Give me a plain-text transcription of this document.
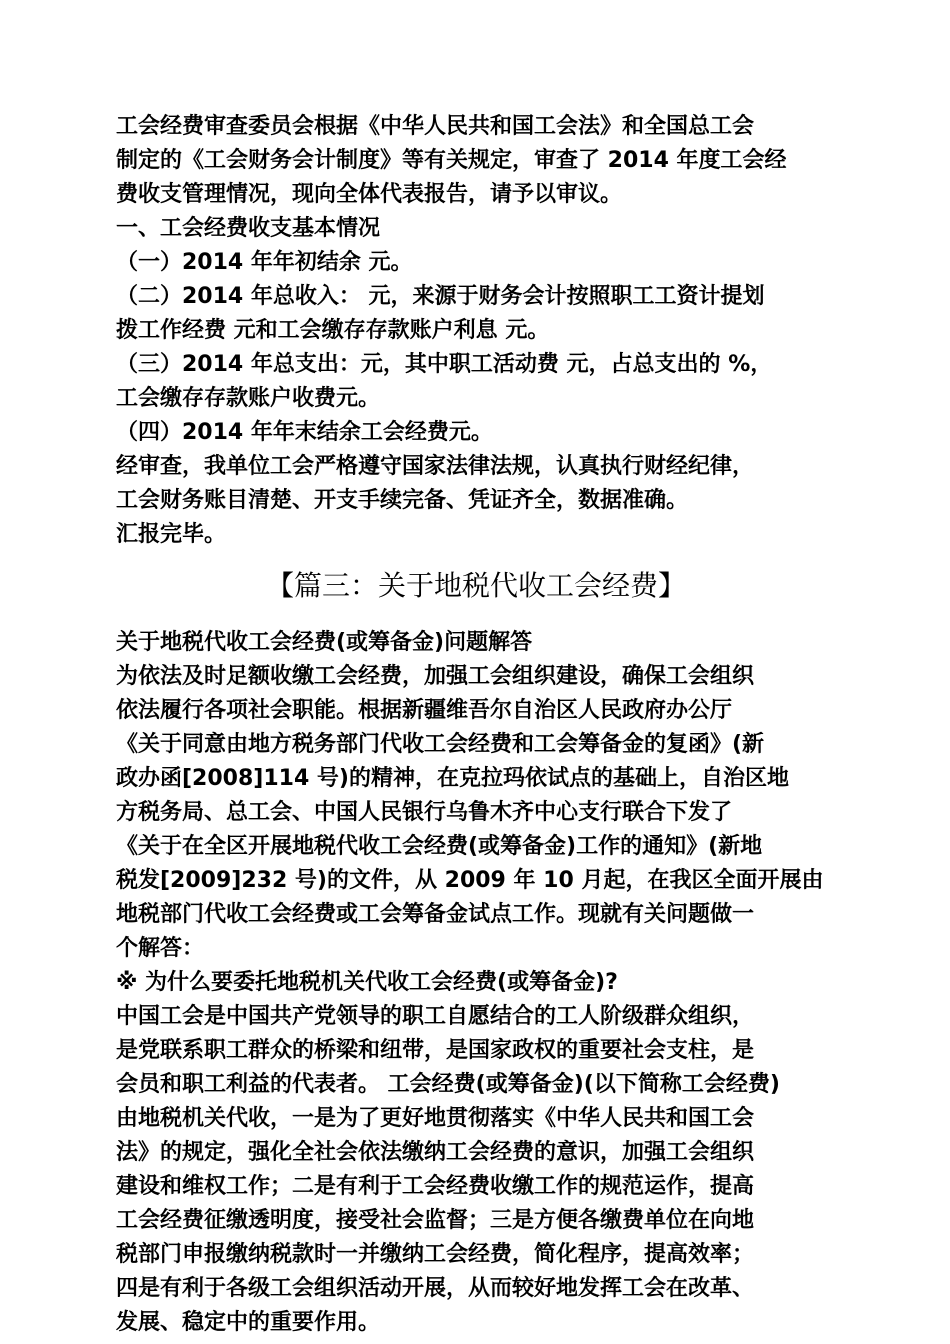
工会经费审查委员会根据《中华人民共和国工会法》和全国总工会
制定的《工会财务会计制度》等有关规定，审查了 2014 年度工会经
费收支管理情况，现向全体代表报告，请予以审议。
一、工会经费收支基本情况
（一）2014 年年初结余 元。
（二）2014 年总收入： 元，来源于财务会计按照职工工资计提划
拨工作经费 元和工会缴存存款账户利息 元。
（三）2014 年总支出：元，其中职工活动费 元，占总支出的 %，
工会缴存存款账户收费元。
（四）2014 年年末结余工会经费元。
经审查，我单位工会严格遵守国家法律法规，认真执行财经纪律，
工会财务账目清楚、开支手续完备、凭证齐全，数据准确。
汇报完毕。
【篇三：关于地税代收工会经费】
关于地税代收工会经费(或筹备金)问题解答
为依法及时足额收缴工会经费，加强工会组织建设，确保工会组织
依法履行各项社会职能。根据新疆维吾尔自治区人民政府办公厅
《关于同意由地方税务部门代收工会经费和工会筹备金的复函》(新
政办函[2008]114 号)的精神，在克拉玛依试点的基础上，自治区地
方税务局、总工会、中国人民银行乌鲁木齐中心支行联合下发了
《关于在全区开展地税代收工会经费(或筹备金)工作的通知》(新地
税发[2009]232 号)的文件，从 2009 年 10 月起，在我区全面开展由
地税部门代收工会经费或工会筹备金试点工作。现就有关问题做一
个解答：
※ 为什么要委托地税机关代收工会经费(或筹备金)?
中国工会是中国共产党领导的职工自愿结合的工人阶级群众组织，
是党联系职工群众的桥梁和纽带，是国家政权的重要社会支柱，是
会员和职工利益的代表者。 工会经费(或筹备金)(以下简称工会经费)
由地税机关代收，一是为了更好地贯彻落实《中华人民共和国工会
法》的规定，强化全社会依法缴纳工会经费的意识，加强工会组织
建设和维权工作；二是有利于工会经费收缴工作的规范运作，提高
工会经费征缴透明度，接受社会监督；三是方便各缴费单位在向地
税部门申报缴纳税款时一并缴纳工会经费，简化程序，提高效率；
四是有利于各级工会组织活动开展，从而较好地发挥工会在改革、
发展、稳定中的重要作用。
